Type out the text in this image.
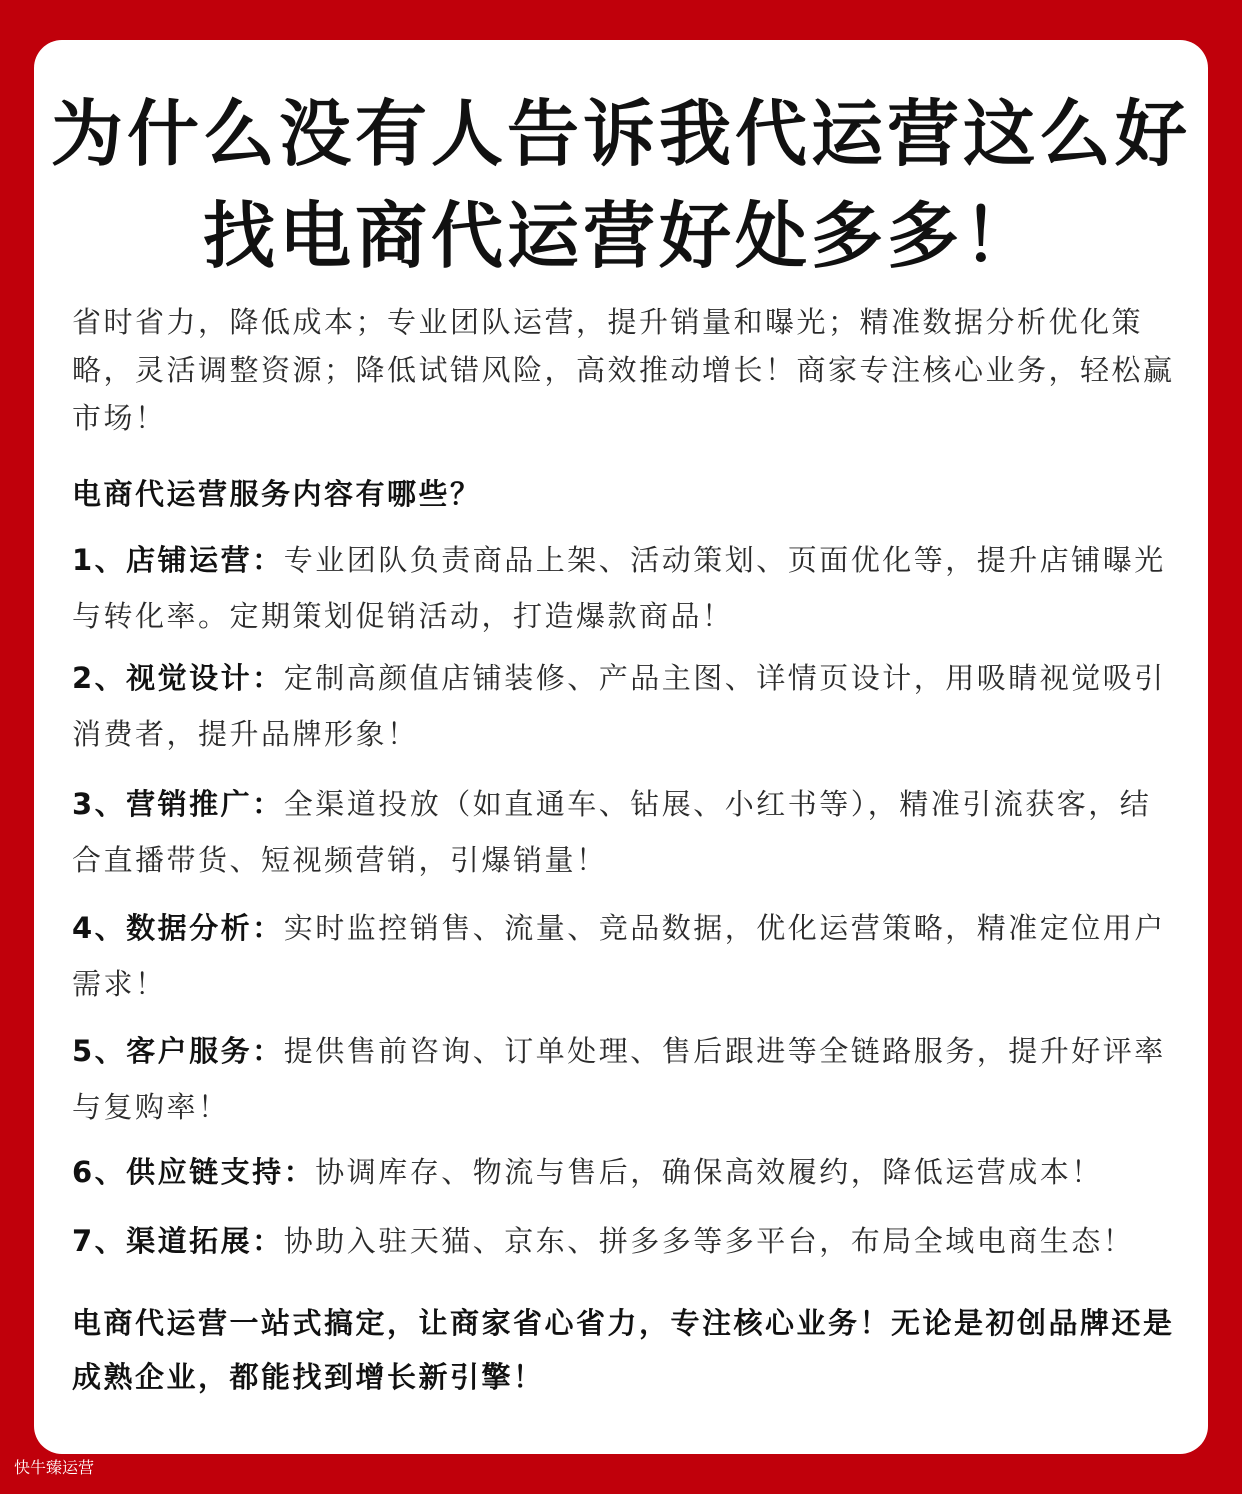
为什么没有人告诉我代运营这么好
找电商代运营好处多多！
省时省力，降低成本；专业团队运营，提升销量和曝光；精准数据分析优化策略，灵活调整资源；降低试错风险，高效推动增长！商家专注核心业务，轻松赢市场！
电商代运营服务内容有哪些？
1、店铺运营：专业团队负责商品上架、活动策划、页面优化等，提升店铺曝光与转化率。定期策划促销活动，打造爆款商品！
2、视觉设计：定制高颜值店铺装修、产品主图、详情页设计，用吸睛视觉吸引消费者，提升品牌形象！
3、营销推广：全渠道投放（如直通车、钻展、小红书等），精准引流获客，结合直播带货、短视频营销，引爆销量！
4、数据分析：实时监控销售、流量、竞品数据，优化运营策略，精准定位用户需求！
5、客户服务：提供售前咨询、订单处理、售后跟进等全链路服务，提升好评率与复购率！
6、供应链支持：协调库存、物流与售后，确保高效履约，降低运营成本！
7、渠道拓展：协助入驻天猫、京东、拼多多等多平台，布局全域电商生态！
电商代运营一站式搞定，让商家省心省力，专注核心业务！无论是初创品牌还是成熟企业，都能找到增长新引擎！
快牛臻运营
